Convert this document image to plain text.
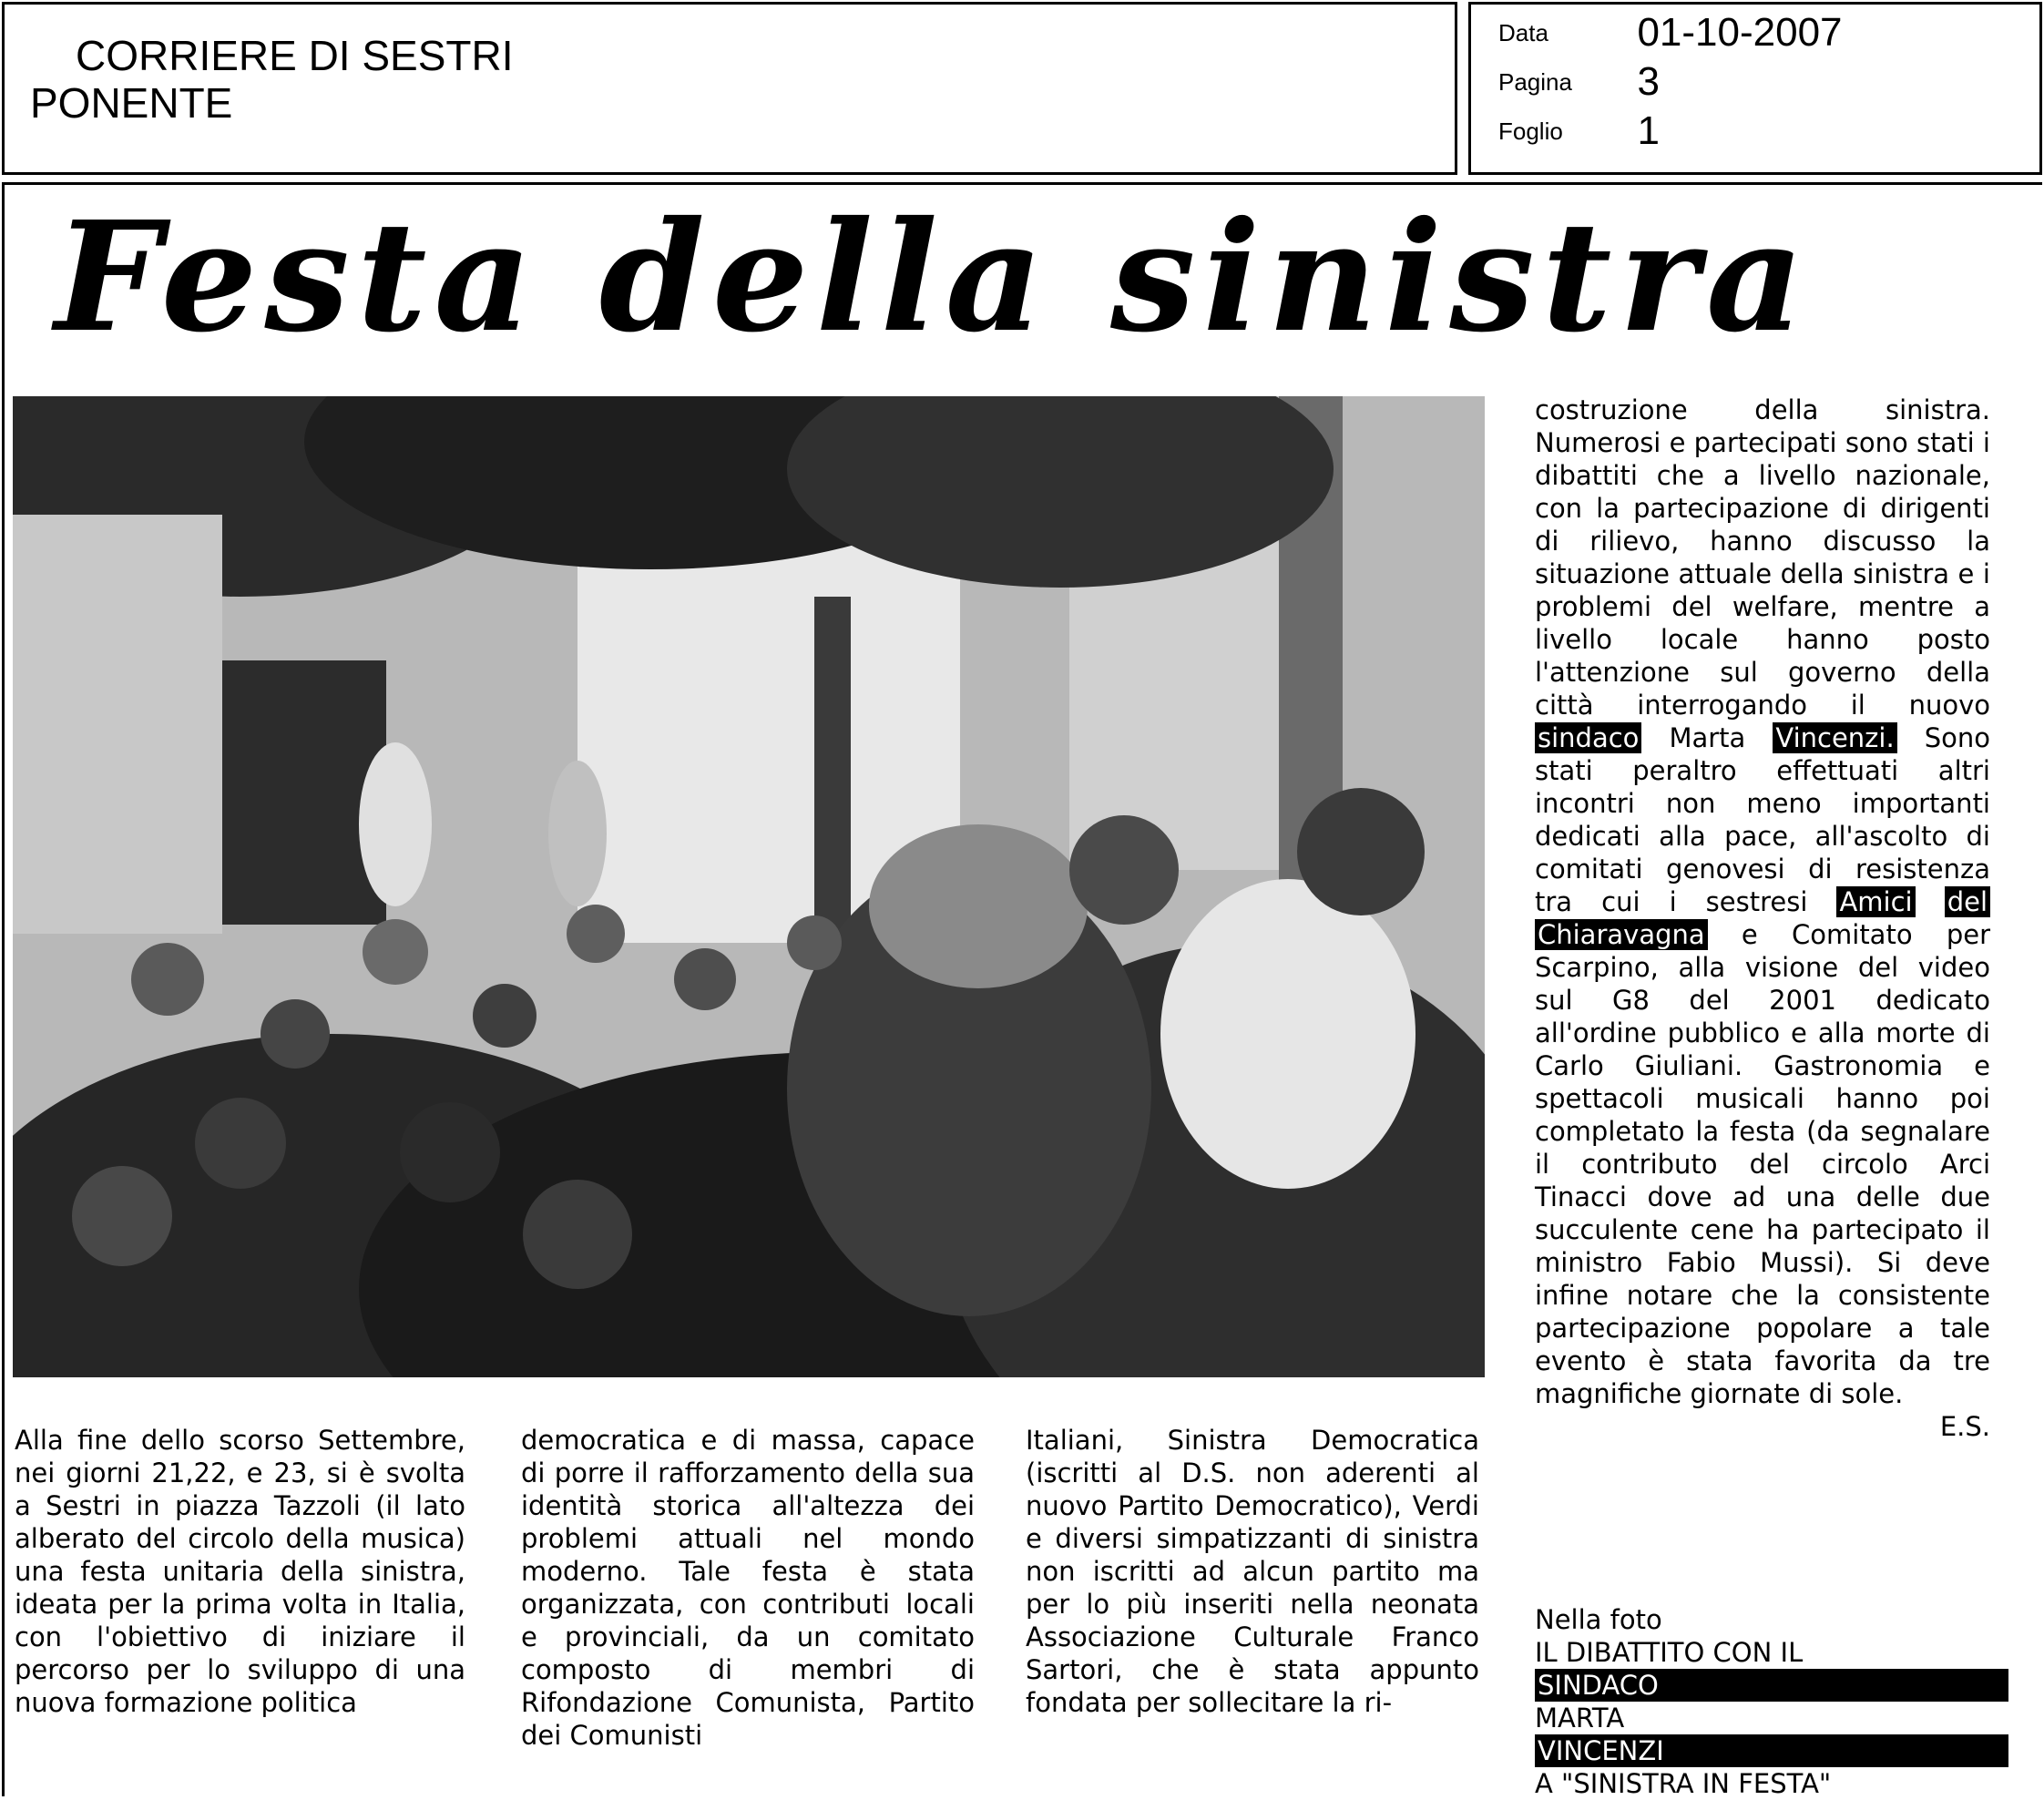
CORRIERE DI SESTRI
PONENTE
Data 01-10-2007
Pagina 3
Foglio 1
Festa della sinistra

Alla fine dello scorso Settembre, nei giorni 21,22, e 23, si è svolta a Sestri in piazza Tazzoli (il lato alberato del circolo della musica) una festa unitaria della sinistra, ideata per la prima volta in Italia, con l'obiettivo di iniziare il percorso per lo sviluppo di una nuova formazione politica

democratica e di massa, capace di porre il rafforzamento della sua identità storica all'altezza dei problemi attuali nel mondo moderno. Tale festa è stata organizzata, con contributi locali e provinciali, da un comitato composto di membri di Rifondazione Comunista, Partito dei Comunisti

Italiani, Sinistra Democratica (iscritti al D.S. non aderenti al nuovo Partito Democratico), Verdi e diversi simpatizzanti di sinistra non iscritti ad alcun partito ma per lo più inseriti nella neonata Associazione Culturale Franco Sartori, che è stata appunto fondata per sollecitare la ri-

costruzione della sinistra. Numerosi e partecipati sono stati i dibattiti che a livello nazionale, con la partecipazione di dirigenti di rilievo, hanno discusso la situazione attuale della sinistra e i problemi del welfare, mentre a livello locale hanno posto l'attenzione sul governo della città interrogando il nuovo sindaco Marta Vincenzi. Sono stati peraltro effettuati altri incontri non meno importanti dedicati alla pace, all'ascolto di comitati genovesi di resistenza tra cui i sestresi Amici del Chiaravagna e Comitato per Scarpino, alla visione del video sul G8 del 2001 dedicato all'ordine pubblico e alla morte di Carlo Giuliani. Gastronomia e spettacoli musicali hanno poi completato la festa (da segnalare il contributo del circolo Arci Tinacci dove ad una delle due succulente cene ha partecipato il ministro Fabio Mussi). Si deve infine notare che la consistente partecipazione popolare a tale evento è stata favorita da tre magnifiche giornate di sole.

E.S.

Nella foto
IL DIBATTITO CON IL
SINDACO
MARTA
VINCENZI
A "SINISTRA IN FESTA"
